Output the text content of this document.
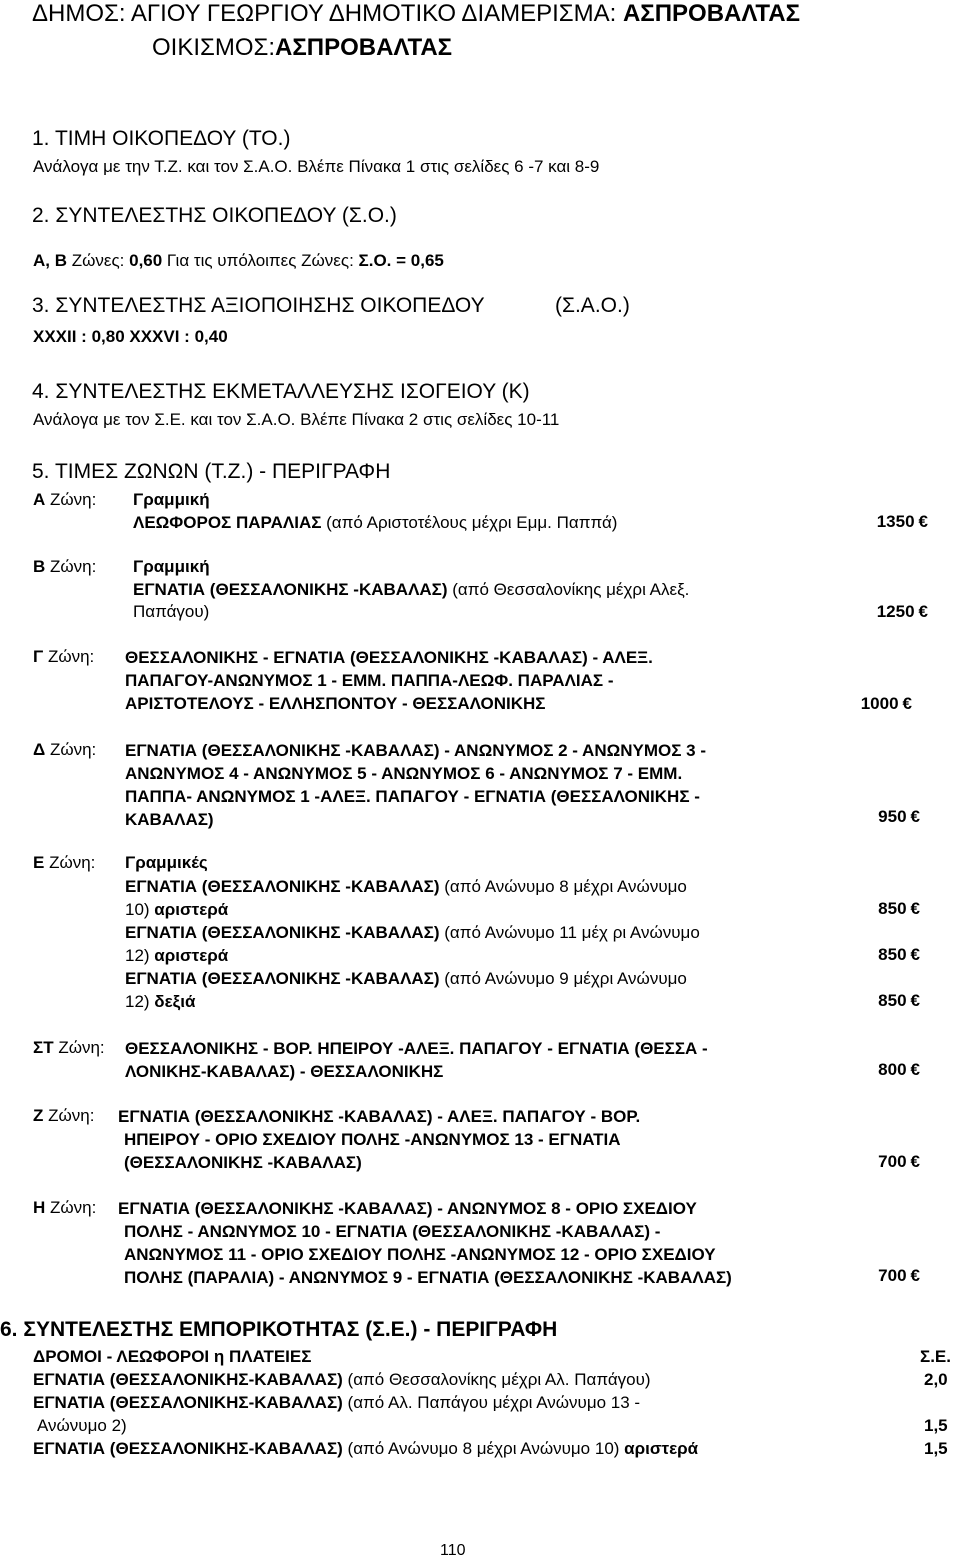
ΔΗΜΟΣ: ΑΓΙΟΥ ΓΕΩΡΓΙΟΥ ΔΗΜΟΤΙΚΟ ΔΙΑΜΕΡΙΣΜΑ: ΑΣΠΡΟΒΑΛΤΑΣ
ΟΙΚΙΣΜΟΣ:ΑΣΠΡΟΒΑΛΤΑΣ
1. ΤΙΜΗ ΟΙΚΟΠΕΔΟΥ (ΤΟ.)
Ανάλογα με την Τ.Ζ. και τον Σ.Α.Ο. Βλέπε Πίνακα 1 στις σελίδες 6 -7 και 8-9
2. ΣΥΝΤΕΛΕΣΤΗΣ ΟΙΚΟΠΕΔΟΥ (Σ.Ο.)
Α, Β Ζώνες: 0,60 Για τις υπόλοιπες Ζώνες: Σ.Ο. = 0,65
3. ΣΥΝΤΕΛΕΣΤΗΣ ΑΞΙΟΠΟΙΗΣΗΣ ΟΙΚΟΠΕΔΟΥ	(Σ.Α.Ο.)
XXXII : 0,80 XXXVI : 0,40
4. ΣΥΝΤΕΛΕΣΤΗΣ ΕΚΜΕΤΑΛΛΕΥΣΗΣ ΙΣΟΓΕΙΟΥ (Κ)
Ανάλογα με τον Σ.Ε. και τον Σ.Α.Ο. Βλέπε Πίνακα 2 στις σελίδες 10-11
5. ΤΙΜΕΣ ΖΩΝΩΝ (Τ.Ζ.) - ΠΕΡΙΓΡΑΦΗ
Α Ζώνη: Γραμμική
ΛΕΩΦΟΡΟΣ ΠΑΡΑΛΙΑΣ (από Αριστοτέλους μέχρι Εμμ. Παππά)	1350 €
Β Ζώνη: Γραμμική
ΕΓΝΑΤΙΑ (ΘΕΣΣΑΛΟΝΙΚΗΣ -ΚΑΒΑΛΑΣ) (από Θεσσαλονίκης μέχρι Αλεξ.
Παπάγου)	1250 €
Γ Ζώνη: ΘΕΣΣΑΛΟΝΙΚΗΣ - ΕΓΝΑΤΙΑ (ΘΕΣΣΑΛΟΝΙΚΗΣ -ΚΑΒΑΛΑΣ) - ΑΛΕΞ.
ΠΑΠΑΓΟΥ-ΑΝΩΝΥΜΟΣ 1 - ΕΜΜ. ΠΑΠΠΑ-ΛΕΩΦ. ΠΑΡΑΛΙΑΣ -
ΑΡΙΣΤΟΤΕΛΟΥΣ - ΕΛΛΗΣΠΟΝΤΟΥ - ΘΕΣΣΑΛΟΝΙΚΗΣ	1000 €
Δ Ζώνη: ΕΓΝΑΤΙΑ (ΘΕΣΣΑΛΟΝΙΚΗΣ -ΚΑΒΑΛΑΣ) - ΑΝΩΝΥΜΟΣ 2 - ΑΝΩΝΥΜΟΣ 3 -
ΑΝΩΝΥΜΟΣ 4 - ΑΝΩΝΥΜΟΣ 5 - ΑΝΩΝΥΜΟΣ 6 - ΑΝΩΝΥΜΟΣ 7 - ΕΜΜ.
ΠΑΠΠΑ- ΑΝΩΝΥΜΟΣ 1 -ΑΛΕΞ. ΠΑΠΑΓΟΥ - ΕΓΝΑΤΙΑ (ΘΕΣΣΑΛΟΝΙΚΗΣ -
ΚΑΒΑΛΑΣ)	950 €
Ε Ζώνη: Γραμμικές
ΕΓΝΑΤΙΑ (ΘΕΣΣΑΛΟΝΙΚΗΣ -ΚΑΒΑΛΑΣ) (από Ανώνυμο 8 μέχρι Ανώνυμο
10) αριστερά	850 €
ΕΓΝΑΤΙΑ (ΘΕΣΣΑΛΟΝΙΚΗΣ -ΚΑΒΑΛΑΣ) (από Ανώνυμο 11 μέχ ρι Ανώνυμο
12) αριστερά	850 €
ΕΓΝΑΤΙΑ (ΘΕΣΣΑΛΟΝΙΚΗΣ -ΚΑΒΑΛΑΣ) (από Ανώνυμο 9 μέχρι Ανώνυμο
12) δεξιά	850 €
ΣΤ Ζώνη: ΘΕΣΣΑΛΟΝΙΚΗΣ - ΒΟΡ. ΗΠΕΙΡΟΥ -ΑΛΕΞ. ΠΑΠΑΓΟΥ - ΕΓΝΑΤΙΑ (ΘΕΣΣΑ -
ΛΟΝΙΚΗΣ-ΚΑΒΑΛΑΣ) - ΘΕΣΣΑΛΟΝΙΚΗΣ	800 €
Ζ Ζώνη: ΕΓΝΑΤΙΑ (ΘΕΣΣΑΛΟΝΙΚΗΣ -ΚΑΒΑΛΑΣ) - ΑΛΕΞ. ΠΑΠΑΓΟΥ - ΒΟΡ.
ΗΠΕΙΡΟΥ - ΟΡΙΟ ΣΧΕΔΙΟΥ ΠΟΛΗΣ -ΑΝΩΝΥΜΟΣ 13 - ΕΓΝΑΤΙΑ
(ΘΕΣΣΑΛΟΝΙΚΗΣ -ΚΑΒΑΛΑΣ)	700 €
Η Ζώνη: ΕΓΝΑΤΙΑ (ΘΕΣΣΑΛΟΝΙΚΗΣ -ΚΑΒΑΛΑΣ) - ΑΝΩΝΥΜΟΣ 8 - ΟΡΙΟ ΣΧΕΔΙΟΥ
ΠΟΛΗΣ - ΑΝΩΝΥΜΟΣ 10 - ΕΓΝΑΤΙΑ (ΘΕΣΣΑΛΟΝΙΚΗΣ -ΚΑΒΑΛΑΣ) -
ΑΝΩΝΥΜΟΣ 11 - ΟΡΙΟ ΣΧΕΔΙΟΥ ΠΟΛΗΣ -ΑΝΩΝΥΜΟΣ 12 - ΟΡΙΟ ΣΧΕΔΙΟΥ
ΠΟΛΗΣ (ΠΑΡΑΛΙΑ) - ΑΝΩΝΥΜΟΣ 9 - ΕΓΝΑΤΙΑ (ΘΕΣΣΑΛΟΝΙΚΗΣ -ΚΑΒΑΛΑΣ)	700 €
6. ΣΥΝΤΕΛΕΣΤΗΣ ΕΜΠΟΡΙΚΟΤΗΤΑΣ (Σ.Ε.) - ΠΕΡΙΓΡΑΦΗ
ΔΡΟΜΟΙ - ΛΕΩΦΟΡΟΙ η ΠΛΑΤΕΙΕΣ	Σ.Ε.
ΕΓΝΑΤΙΑ (ΘΕΣΣΑΛΟΝΙΚΗΣ-ΚΑΒΑΛΑΣ) (από Θεσσαλονίκης μέχρι Αλ. Παπάγου)	2,0
ΕΓΝΑΤΙΑ (ΘΕΣΣΑΛΟΝΙΚΗΣ-ΚΑΒΑΛΑΣ) (από Αλ. Παπάγου μέχρι Ανώνυμο 13 -
Ανώνυμο 2)	1,5
ΕΓΝΑΤΙΑ (ΘΕΣΣΑΛΟΝΙΚΗΣ-ΚΑΒΑΛΑΣ) (από Ανώνυμο 8 μέχρι Ανώνυμο 10) αριστερά	1,5
110
